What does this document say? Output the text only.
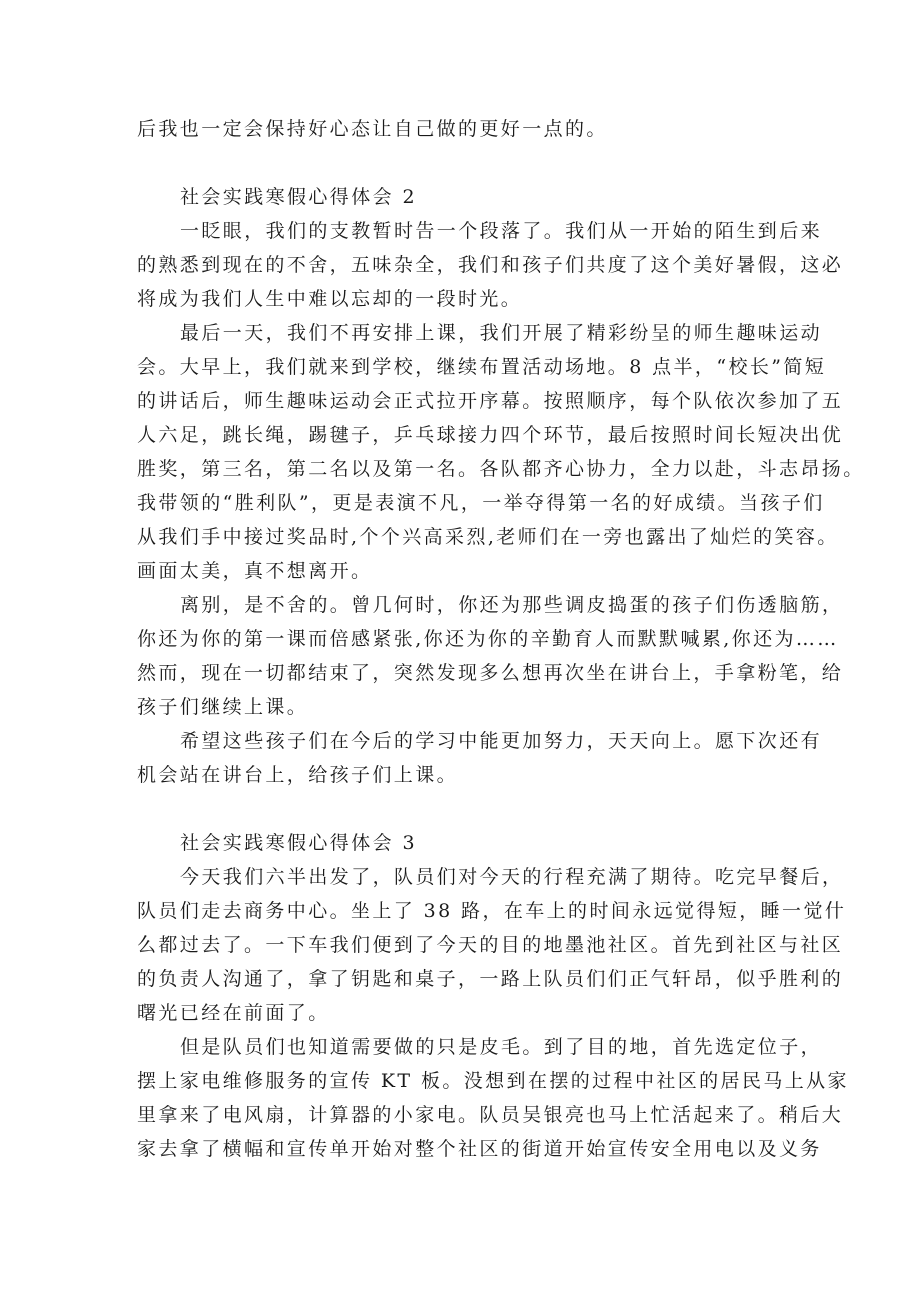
后我也一定会保持好心态让自己做的更好一点的。
社会实践寒假心得体会 2

一眨眼，我们的支教暂时告一个段落了。我们从一开始的陌生到后来
的熟悉到现在的不舍，五味杂全，我们和孩子们共度了这个美好暑假，这必
将成为我们人生中难以忘却的一段时光。

最后一天，我们不再安排上课，我们开展了精彩纷呈的师生趣味运动
会。大早上，我们就来到学校，继续布置活动场地。8 点半，“校长”简短
的讲话后，师生趣味运动会正式拉开序幕。按照顺序，每个队依次参加了五
人六足，跳长绳，踢毽子，乒乓球接力四个环节，最后按照时间长短决出优
胜奖，第三名，第二名以及第一名。各队都齐心协力，全力以赴，斗志昂扬。
我带领的“胜利队”，更是表演不凡，一举夺得第一名的好成绩。当孩子们
从我们手中接过奖品时,个个兴高采烈,老师们在一旁也露出了灿烂的笑容。
画面太美，真不想离开。

离别，是不舍的。曾几何时，你还为那些调皮捣蛋的孩子们伤透脑筋，
你还为你的第一课而倍感紧张,你还为你的辛勤育人而默默喊累,你还为……
然而，现在一切都结束了，突然发现多么想再次坐在讲台上，手拿粉笔，给
孩子们继续上课。

希望这些孩子们在今后的学习中能更加努力，天天向上。愿下次还有
机会站在讲台上，给孩子们上课。

社会实践寒假心得体会 3

今天我们六半出发了，队员们对今天的行程充满了期待。吃完早餐后，
队员们走去商务中心。坐上了 38 路，在车上的时间永远觉得短，睡一觉什
么都过去了。一下车我们便到了今天的目的地墨池社区。首先到社区与社区
的负责人沟通了，拿了钥匙和桌子，一路上队员们们正气轩昂，似乎胜利的
曙光已经在前面了。

但是队员们也知道需要做的只是皮毛。到了目的地，首先选定位子，
摆上家电维修服务的宣传 KT 板。没想到在摆的过程中社区的居民马上从家
里拿来了电风扇，计算器的小家电。队员吴银亮也马上忙活起来了。稍后大
家去拿了横幅和宣传单开始对整个社区的街道开始宣传安全用电以及义务
